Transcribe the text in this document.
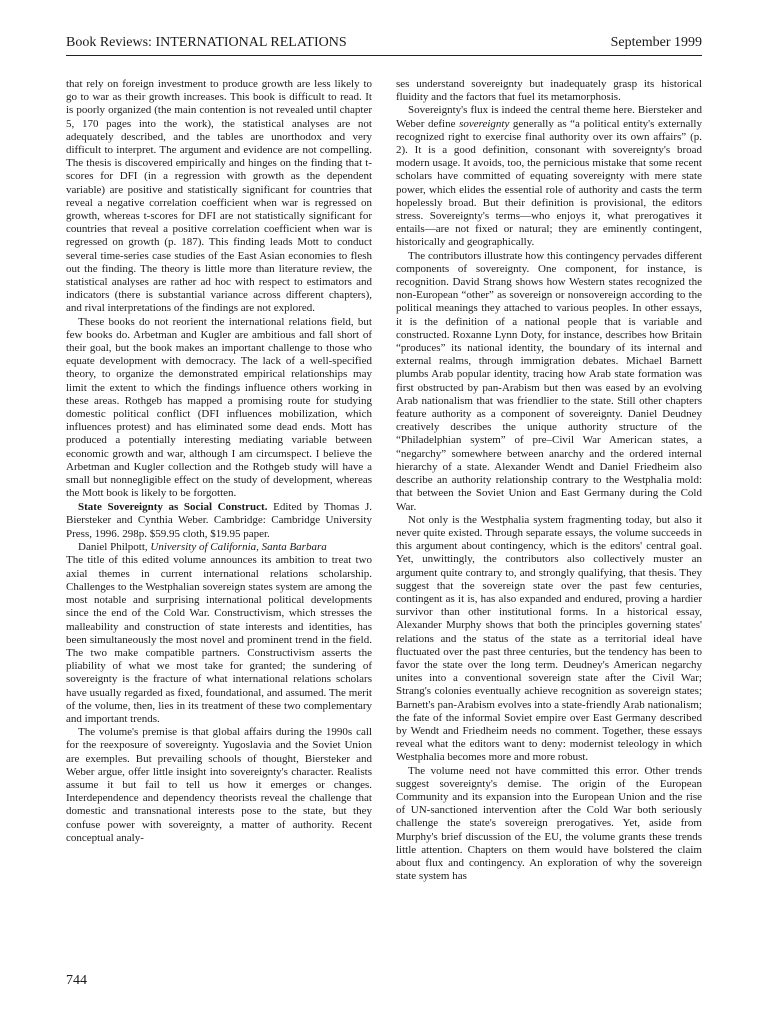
Book Reviews: INTERNATIONAL RELATIONS	September 1999

that rely on foreign investment to produce growth are less likely to go to war as their growth increases. This book is difficult to read. It is poorly organized (the main contention is not revealed until chapter 5, 170 pages into the work), the statistical analyses are not adequately described, and the tables are unorthodox and very difficult to interpret. The argument and evidence are not compelling. The thesis is discovered empirically and hinges on the finding that t-scores for DFI (in a regression with growth as the dependent variable) are positive and statistically significant for countries that reveal a negative correlation coefficient when war is regressed on growth, whereas t-scores for DFI are not statistically significant for countries that reveal a positive correlation coefficient when war is regressed on growth (p. 187). This finding leads Mott to conduct several time-series case studies of the East Asian economies to flesh out the finding. The theory is little more than literature review, the statistical analyses are rather ad hoc with respect to estimators and indicators (there is substantial variance across different chapters), and rival interpretations of the findings are not explored.

These books do not reorient the international relations field, but few books do. Arbetman and Kugler are ambitious and fall short of their goal, but the book makes an important challenge to those who equate development with democracy. The lack of a well-specified theory, to organize the demonstrated empirical relationships may limit the extent to which the findings influence others working in these areas. Rothgeb has mapped a promising route for studying domestic political conflict (DFI influences mobilization, which influences protest) and has eliminated some dead ends. Mott has produced a potentially interesting mediating variable between economic growth and war, although I am circumspect. I believe the Arbetman and Kugler collection and the Rothgeb study will have a small but nonnegligible effect on the study of development, whereas the Mott book is likely to be forgotten.

State Sovereignty as Social Construct. Edited by Thomas J. Biersteker and Cynthia Weber. Cambridge: Cambridge University Press, 1996. 298p. $59.95 cloth, $19.95 paper.

Daniel Philpott, University of California, Santa Barbara

The title of this edited volume announces its ambition to treat two axial themes in current international relations scholarship. Challenges to the Westphalian sovereign states system are among the most notable and surprising international political developments since the end of the Cold War. Constructivism, which stresses the malleability and construction of state interests and identities, has been simultaneously the most novel and prominent trend in the field. The two make compatible partners. Constructivism asserts the pliability of what we most take for granted; the sundering of sovereignty is the fracture of what international relations scholars have usually regarded as fixed, foundational, and assumed. The merit of the volume, then, lies in its treatment of these two complementary and important trends.

The volume's premise is that global affairs during the 1990s call for the reexposure of sovereignty. Yugoslavia and the Soviet Union are exemples. But prevailing schools of thought, Biersteker and Weber argue, offer little insight into sovereignty's character. Realists assume it but fail to tell us how it emerges or changes. Interdependence and dependency theorists reveal the challenge that domestic and transnational interests pose to the state, but they confuse power with sovereignty, a matter of authority. Recent conceptual analy-

ses understand sovereignty but inadequately grasp its historical fluidity and the factors that fuel its metamorphosis.

Sovereignty's flux is indeed the central theme here. Biersteker and Weber define sovereignty generally as “a political entity's externally recognized right to exercise final authority over its own affairs” (p. 2). It is a good definition, consonant with sovereignty's broad modern usage. It avoids, too, the pernicious mistake that some recent scholars have committed of equating sovereignty with mere state power, which elides the essential role of authority and casts the term hopelessly broad. But their definition is provisional, the editors stress. Sovereignty's terms—who enjoys it, what prerogatives it entails—are not fixed or natural; they are eminently contingent, historically and geographically.

The contributors illustrate how this contingency pervades different components of sovereignty. One component, for instance, is recognition. David Strang shows how Western states recognized the non-European “other” as sovereign or nonsovereign according to the political meanings they attached to various peoples. In other essays, it is the definition of a national people that is variable and constructed. Roxanne Lynn Doty, for instance, describes how Britain “produces” its national identity, the boundary of its internal and external realms, through immigration debates. Michael Barnett plumbs Arab popular identity, tracing how Arab state formation was first obstructed by pan-Arabism but then was eased by an evolving Arab nationalism that was friendlier to the state. Still other chapters feature authority as a component of sovereignty. Daniel Deudney creatively describes the unique authority structure of the “Philadelphian system” of pre–Civil War American states, a “negarchy” somewhere between anarchy and the ordered internal hierarchy of a state. Alexander Wendt and Daniel Friedheim also describe an authority relationship contrary to the Westphalia mold: that between the Soviet Union and East Germany during the Cold War.

Not only is the Westphalia system fragmenting today, but also it never quite existed. Through separate essays, the volume succeeds in this argument about contingency, which is the editors' central goal. Yet, unwittingly, the contributors also collectively muster an argument quite contrary to, and strongly qualifying, that thesis. They suggest that the sovereign state over the past few centuries, contingent as it is, has also expanded and endured, proving a hardier survivor than other institutional forms. In a historical essay, Alexander Murphy shows that both the principles governing states' relations and the status of the state as a territorial ideal have fluctuated over the past three centuries, but the tendency has been to favor the state over the long term. Deudney's American negarchy unites into a conventional sovereign state after the Civil War; Strang's colonies eventually achieve recognition as sovereign states; Barnett's pan-Arabism evolves into a state-friendly Arab nationalism; the fate of the informal Soviet empire over East Germany described by Wendt and Friedheim needs no comment. Together, these essays reveal what the editors want to deny: modernist teleology in which Westphalia becomes more and more robust.

The volume need not have committed this error. Other trends suggest sovereignty's demise. The origin of the European Community and its expansion into the European Union and the rise of UN-sanctioned intervention after the Cold War both seriously challenge the state's sovereign prerogatives. Yet, aside from Murphy's brief discussion of the EU, the volume grants these trends little attention. Chapters on them would have bolstered the claim about flux and contingency. An exploration of why the sovereign state system has

744
